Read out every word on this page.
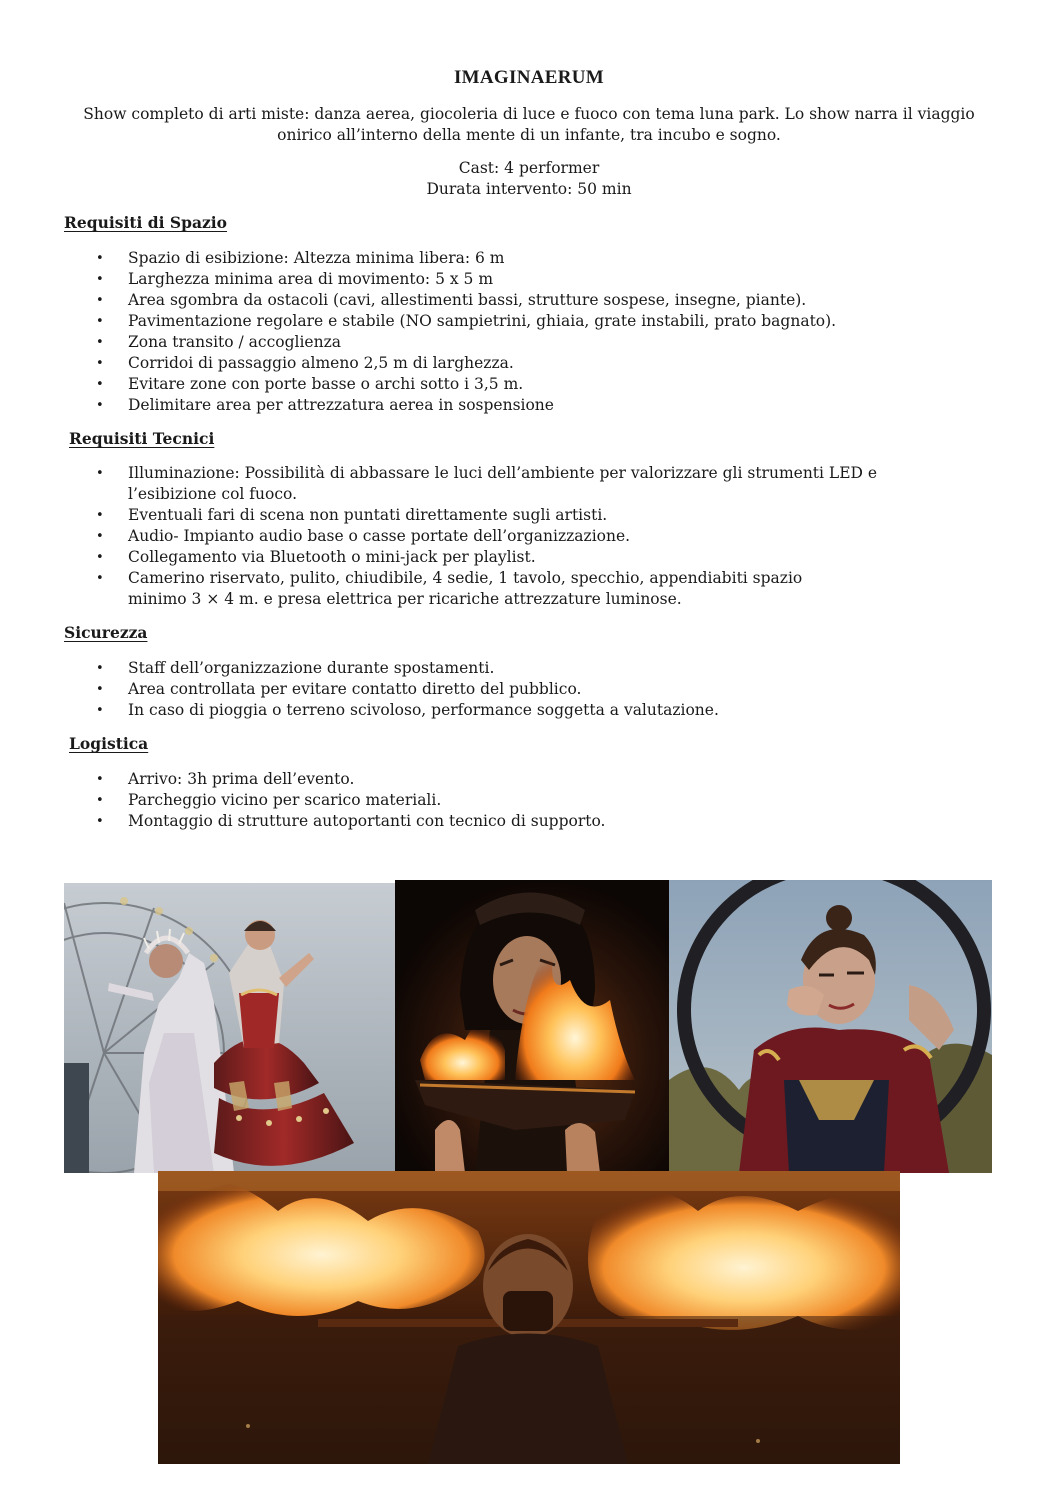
IMAGINAERUM
Show completo di arti miste: danza aerea, giocoleria di luce e fuoco con tema luna park. Lo show narra il viaggio onirico all’interno della mente di un infante, tra incubo e sogno.
Cast: 4 performer
Durata intervento: 50 min
Requisiti di Spazio
• Spazio di esibizione: Altezza minima libera: 6 m
• Larghezza minima area di movimento: 5 x 5 m
• Area sgombra da ostacoli (cavi, allestimenti bassi, strutture sospese, insegne, piante).
• Pavimentazione regolare e stabile (NO sampietrini, ghiaia, grate instabili, prato bagnato).
• Zona transito / accoglienza
• Corridoi di passaggio almeno 2,5 m di larghezza.
• Evitare zone con porte basse o archi sotto i 3,5 m.
• Delimitare area per attrezzatura aerea in sospensione
Requisiti Tecnici
• Illuminazione: Possibilità di abbassare le luci dell’ambiente per valorizzare gli strumenti LED e l’esibizione col fuoco.
• Eventuali fari di scena non puntati direttamente sugli artisti.
• Audio- Impianto audio base o casse portate dell’organizzazione.
• Collegamento via Bluetooth o mini-jack per playlist.
• Camerino riservato, pulito, chiudibile, 4 sedie, 1 tavolo, specchio, appendiabiti spazio minimo 3 × 4 m. e presa elettrica per ricariche attrezzature luminose.
Sicurezza
• Staff dell’organizzazione durante spostamenti.
• Area controllata per evitare contatto diretto del pubblico.
• In caso di pioggia o terreno scivoloso, performance soggetta a valutazione.
Logistica
• Arrivo: 3h prima dell’evento.
• Parcheggio vicino per scarico materiali.
• Montaggio di strutture autoportanti con tecnico di supporto.
